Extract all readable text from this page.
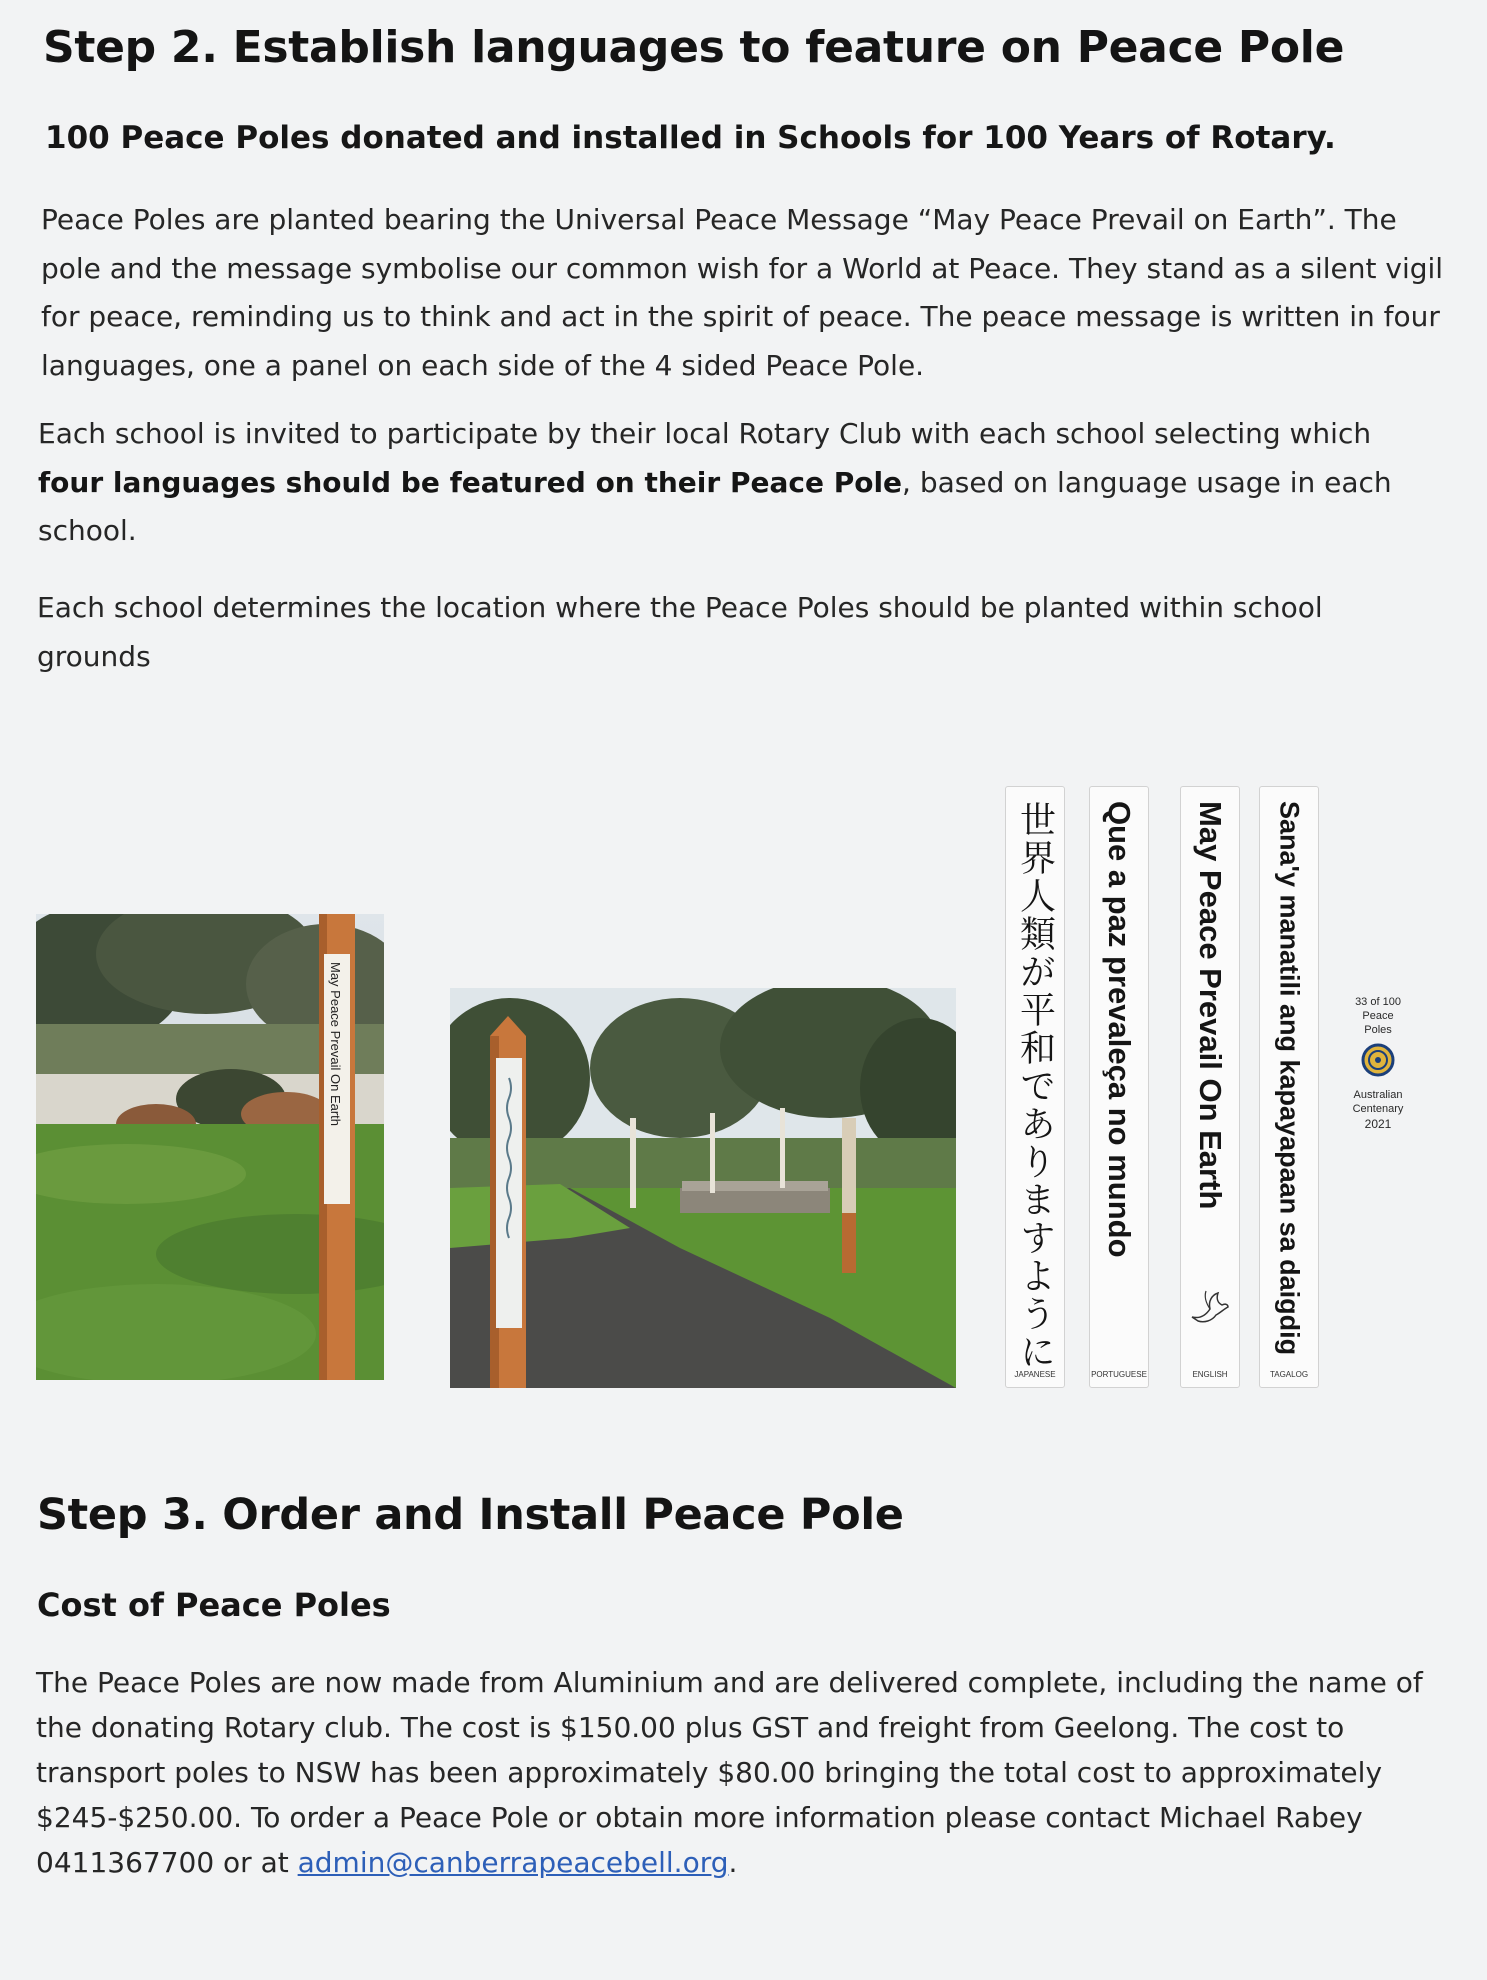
Step 2. Establish languages to feature on Peace Pole
100 Peace Poles donated and installed in Schools for 100 Years of Rotary.

Peace Poles are planted bearing the Universal Peace Message “May Peace Prevail on Earth”. The pole and the message symbolise our common wish for a World at Peace. They stand as a silent vigil for peace, reminding us to think and act in the spirit of peace. The peace message is written in four languages, one a panel on each side of the 4 sided Peace Pole.

Each school is invited to participate by their local Rotary Club with each school selecting which four languages should be featured on their Peace Pole, based on language usage in each school.

Each school determines the location where the Peace Poles should be planted within school grounds

May Peace Prevail On Earth	世界人類が平和でありますように
JAPANESE
Que a paz prevaleça no mundo
PORTUGUESE
May Peace Prevail On Earth
ENGLISH
Sana'y manatili ang kapayapaan sa daigdig
TAGALOG
33 of 100
Peace
Poles
Australian
Centenary
2021
Step 3. Order and Install Peace Pole
Cost of Peace Poles

The Peace Poles are now made from Aluminium and are delivered complete, including the name of the donating Rotary club. The cost is $150.00 plus GST and freight from Geelong. The cost to transport poles to NSW has been approximately $80.00 bringing the total cost to approximately $245-$250.00. To order a Peace Pole or obtain more information please contact Michael Rabey 0411367700 or at admin@canberrapeacebell.org.
